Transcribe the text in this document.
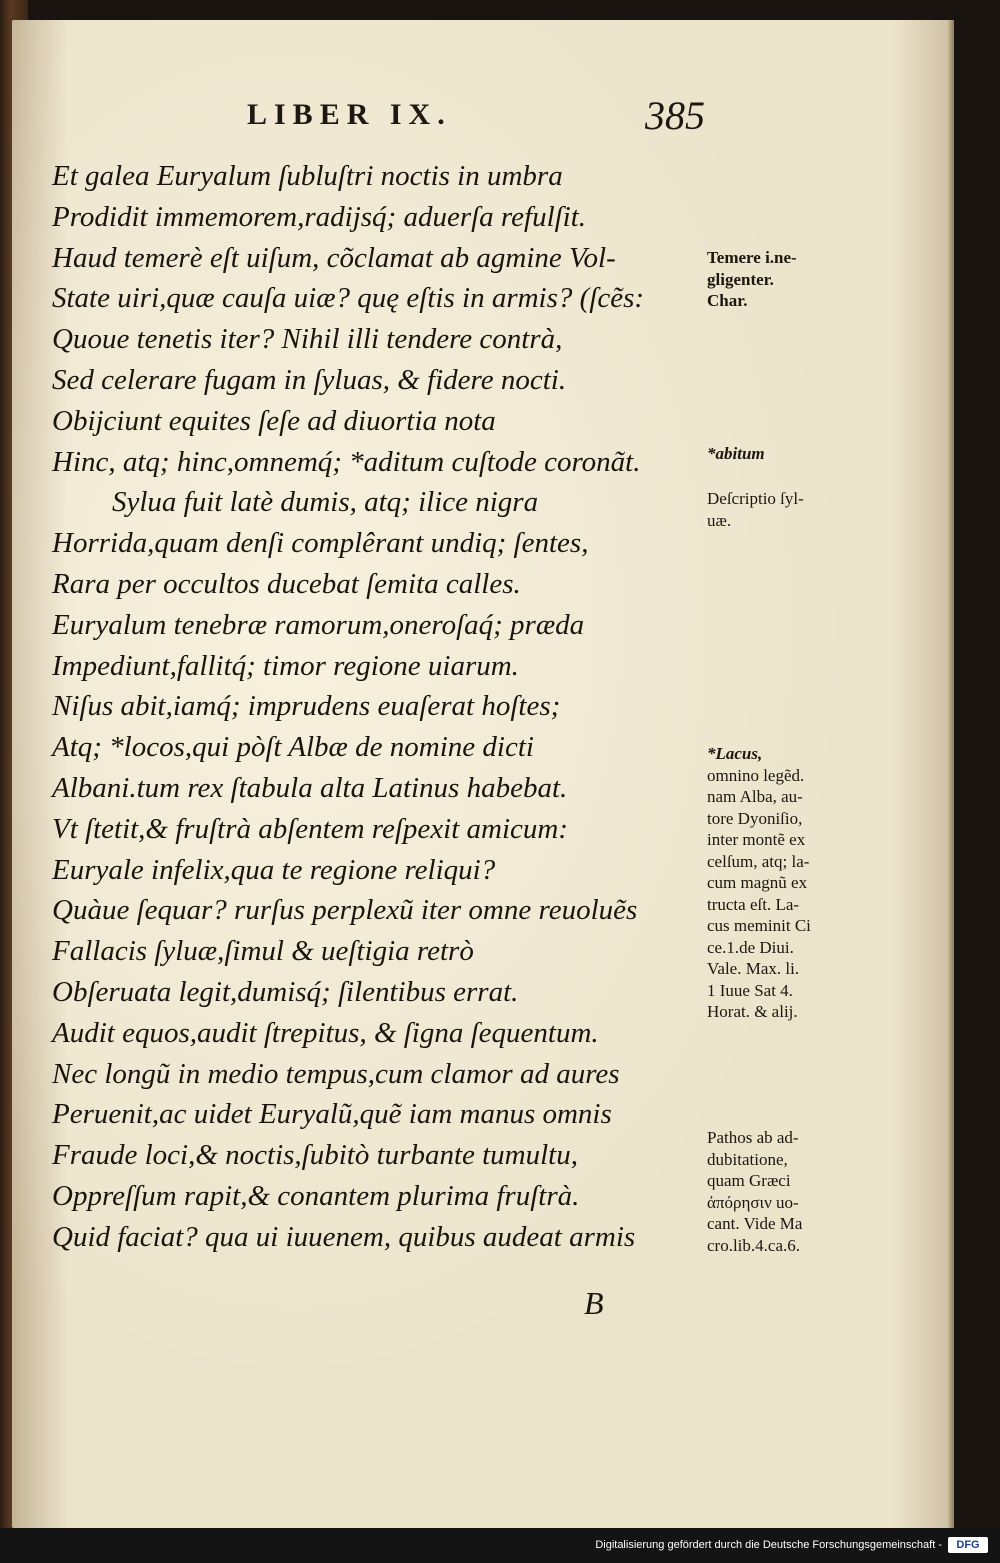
LIBER IX.	385
Et galea Euryalum ſubluſtri noctis in umbra
Prodidit immemorem,radijsq́; aduerſa refulſit.
Haud temerè eſt uiſum, cõclamat ab agmine Vol-
State uiri,quæ cauſa uiæ? quę eſtis in armis? (ſcẽs:
Quoue tenetis iter? Nihil illi tendere contrà,
Sed celerare fugam in ſyluas, & fidere nocti.
Obijciunt equites ſeſe ad diuortia nota
Hinc, atq; hinc,omnemq́; *aditum cuſtode coronãt.
Sylua fuit latè dumis, atq; ilice nigra
Horrida,quam denſi complêrant undiq; ſentes,
Rara per occultos ducebat ſemita calles.
Euryalum tenebræ ramorum,oneroſaq́; præda
Impediunt,fallitq́; timor regione uiarum.
Niſus abit,iamq́; imprudens euaſerat hoſtes;
Atq; *locos,qui pòſt Albæ de nomine dicti
Albani.tum rex ſtabula alta Latinus habebat.
Vt ſtetit,& fruſtrà abſentem reſpexit amicum:
Euryale infelix,qua te regione reliqui?
Quàue ſequar? rurſus perplexũ iter omne reuoluẽs
Fallacis ſyluæ,ſimul & ueſtigia retrò
Obſeruata legit,dumisq́; ſilentibus errat.
Audit equos,audit ſtrepitus, & ſigna ſequentum.
Nec longũ in medio tempus,cum clamor ad aures
Peruenit,ac uidet Euryalũ,quẽ iam manus omnis
Fraude loci,& noctis,ſubitò turbante tumultu,
Oppreſſum rapit,& conantem plurima fruſtrà.
Quid faciat? qua ui iuuenem, quibus audeat armis
B
Temere i.ne-
gligenter.
Char.
*abitum
Deſcriptio ſyl-
uæ.
*Lacus,
omnino legẽd.
nam Alba, au-
tore Dyoniſio,
inter montẽ ex
celſum, atq; la-
cum magnũ ex
tructa eſt. La-
cus meminit Ci
ce.1.de Diui.
Vale. Max. li.
1 Iuue Sat 4.
Horat. & alij.
Pathos ab ad-
dubitatione,
quam Græci
ἀπόρησιν uo-
cant. Vide Ma
cro.lib.4.ca.6.
Digitalisierung gefördert durch die Deutsche Forschungsgemeinschaft -	DFG
